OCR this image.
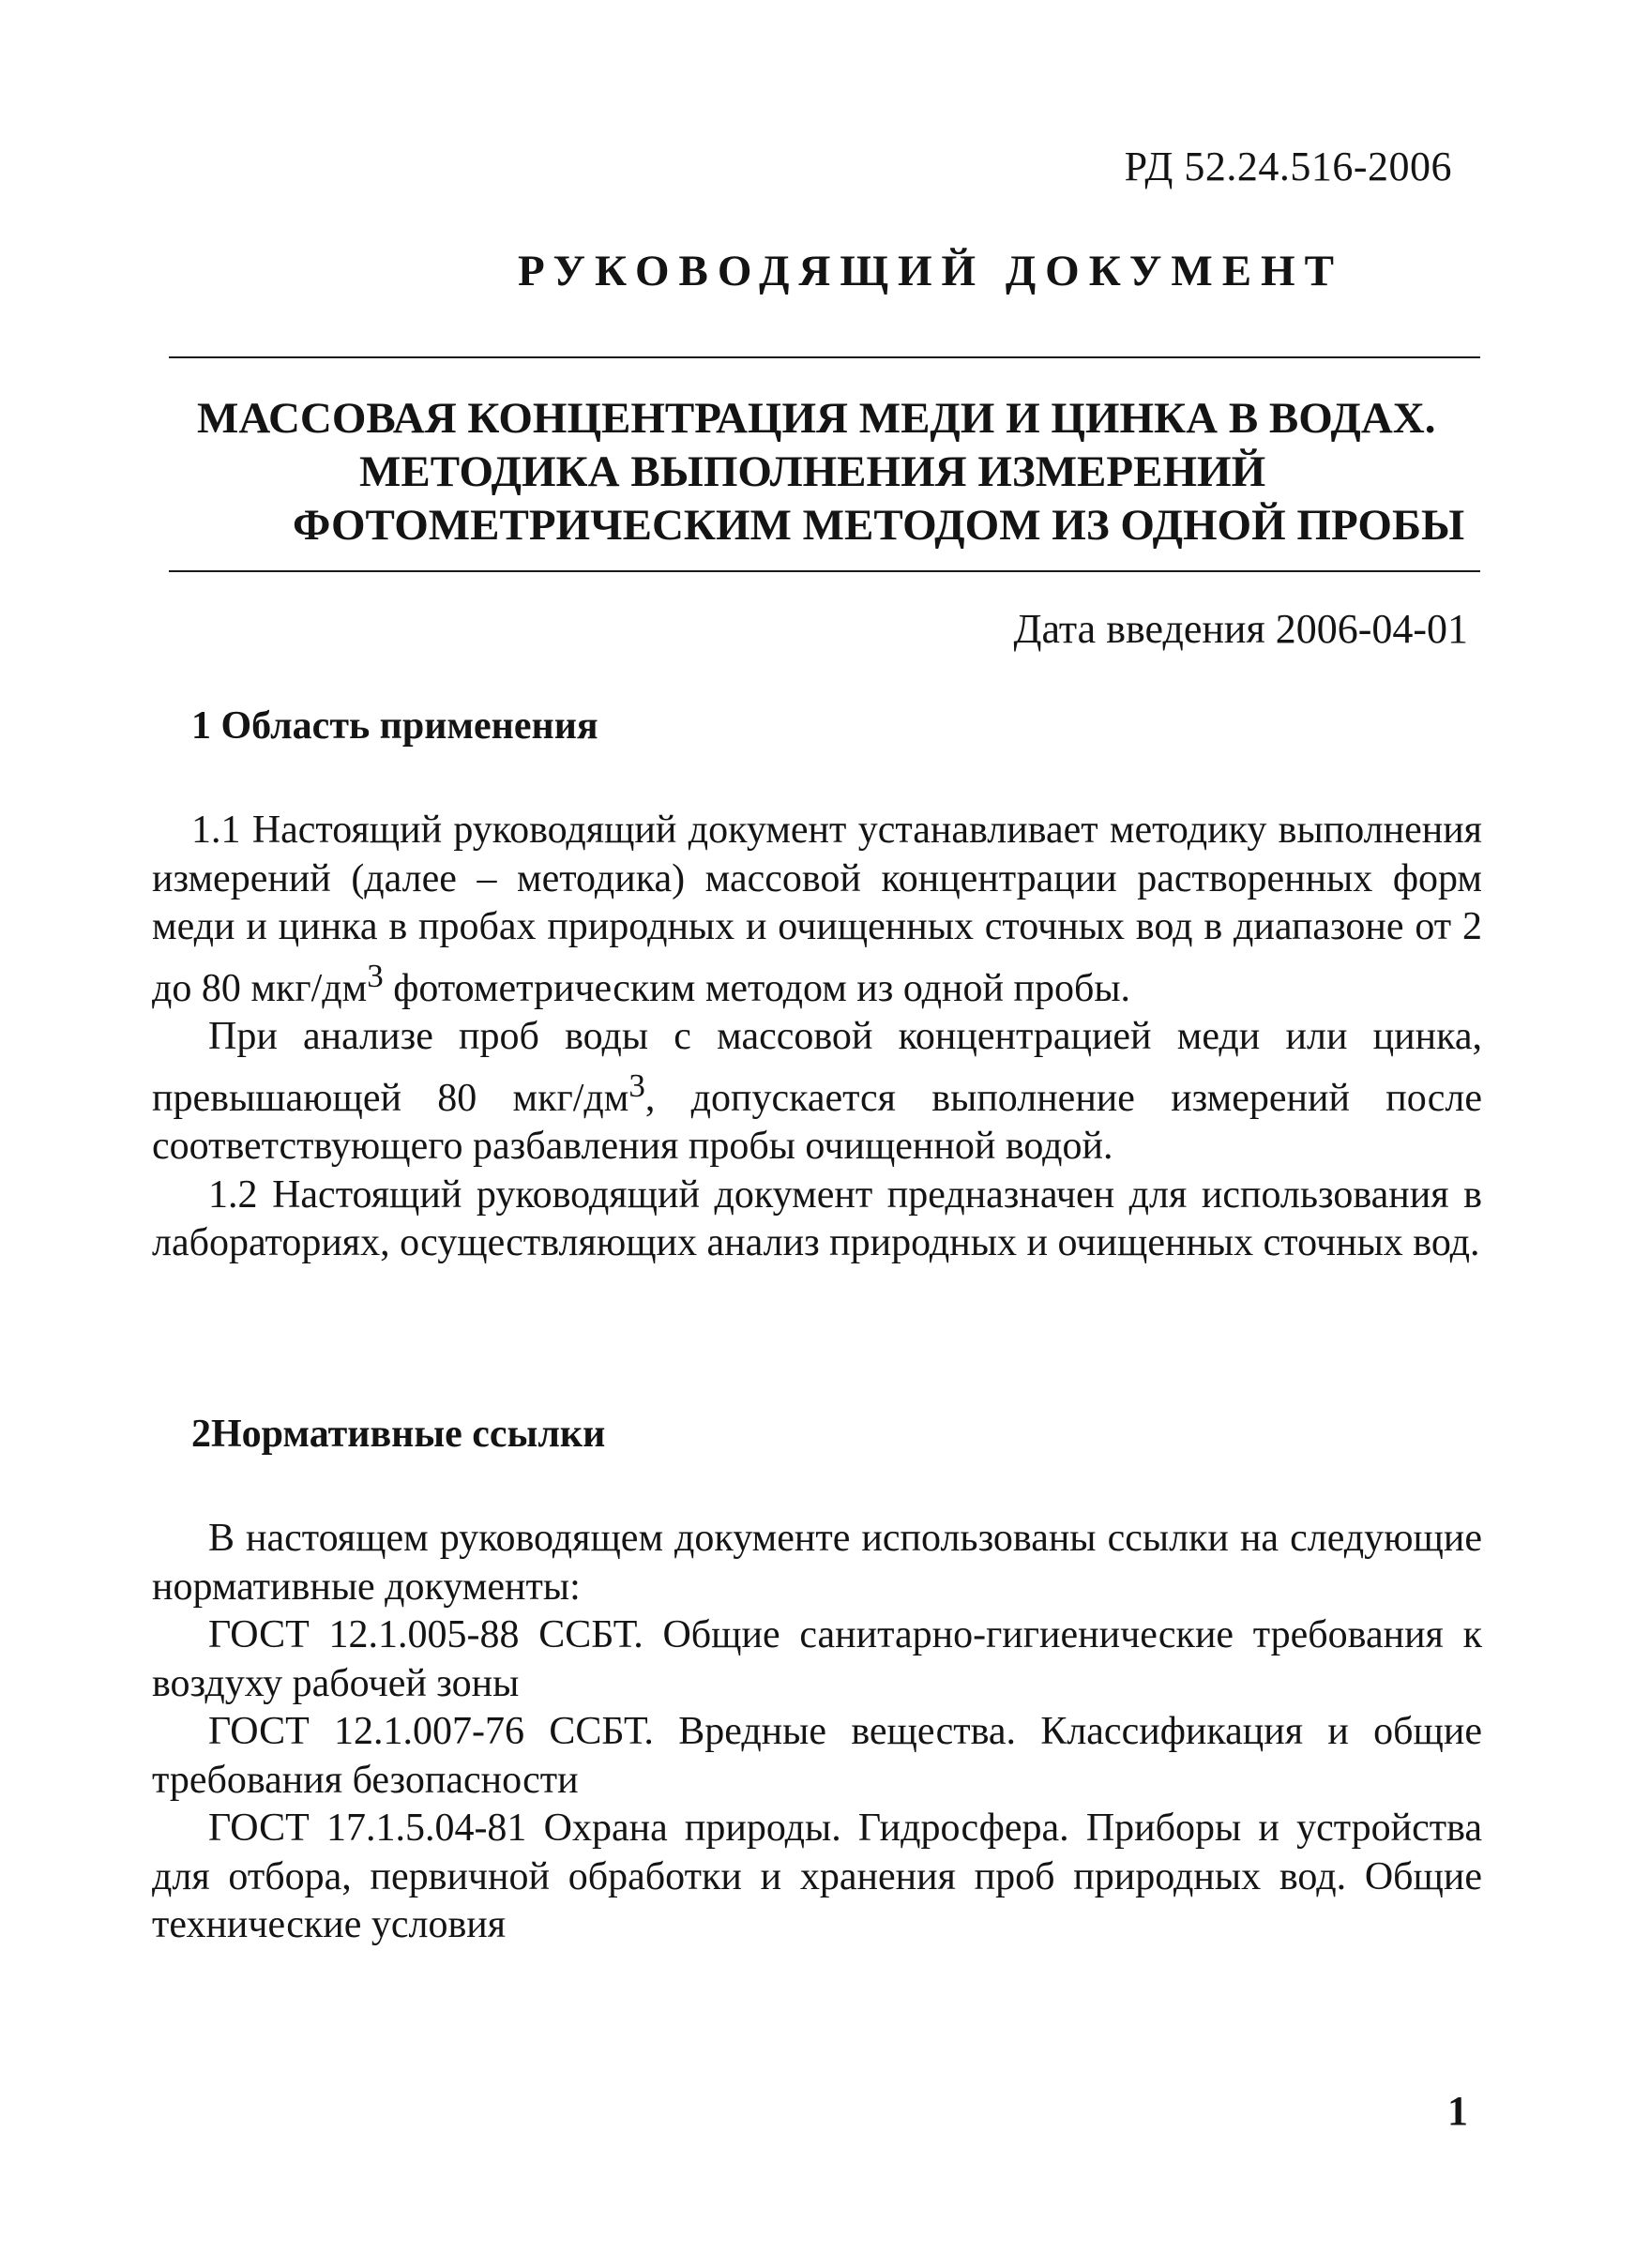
РД 52.24.516-2006
РУКОВОДЯЩИЙ ДОКУМЕНТ
МАССОВАЯ КОНЦЕНТРАЦИЯ МЕДИ И ЦИНКА В ВОДАХ.
МЕТОДИКА ВЫПОЛНЕНИЯ ИЗМЕРЕНИЙ
ФОТОМЕТРИЧЕСКИМ МЕТОДОМ ИЗ ОДНОЙ ПРОБЫ
Дата введения 2006-04-01
1 Область применения

1.1 Настоящий руководящий документ устанавливает методику выполнения измерений (далее – методика) массовой концентрации растворенных форм меди и цинка в пробах природных и очищенных сточных вод в диапазоне от 2 до 80 мкг/$дм^3$ фотометрическим методом из одной пробы.

При анализе проб воды с массовой концентрацией меди или цинка, превышающей 80 мкг/$дм^3$, допускается выполнение измерений после соответствующего разбавления пробы очищенной водой.

1.2 Настоящий руководящий документ предназначен для использования в лабораториях, осуществляющих анализ природных и очищенных сточных вод.

2Нормативные ссылки

В настоящем руководящем документе использованы ссылки на следующие нормативные документы:

ГОСТ 12.1.005-88 ССБТ. Общие санитарно-гигиенические требования к воздуху рабочей зоны

ГОСТ 12.1.007-76 ССБТ. Вредные вещества. Классификация и общие требования безопасности

ГОСТ 17.1.5.04-81 Охрана природы. Гидросфера. Приборы и устройства для отбора, первичной обработки и хранения проб природных вод. Общие технические условия

1
